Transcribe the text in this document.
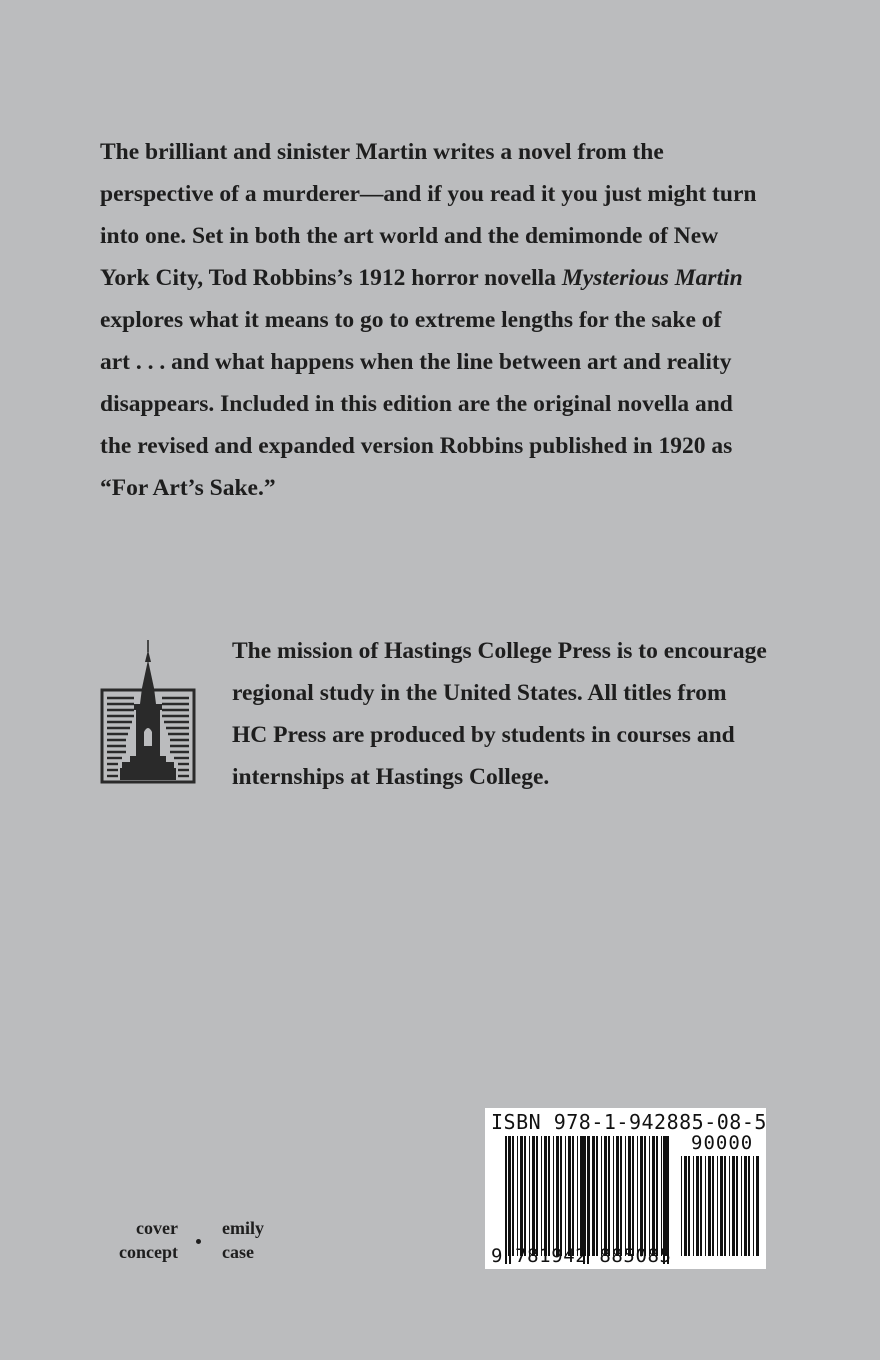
The brilliant and sinister Martin writes a novel from the
perspective of a murderer—and if you read it you just might turn
into one. Set in both the art world and the demimonde of New
York City, Tod Robbins’s 1912 horror novella Mysterious Martin
explores what it means to go to extreme lengths for the sake of
art . . . and what happens when the line between art and reality
disappears. Included in this edition are the original novella and
the revised and expanded version Robbins published in 1920 as
“For Art’s Sake.”
The mission of Hastings College Press is to encourage
regional study in the United States. All titles from
HC Press are produced by students in courses and
internships at Hastings College.
cover
concept
emily
case
ISBN 978-1-942885-08-5
90000
9 781942 885085
